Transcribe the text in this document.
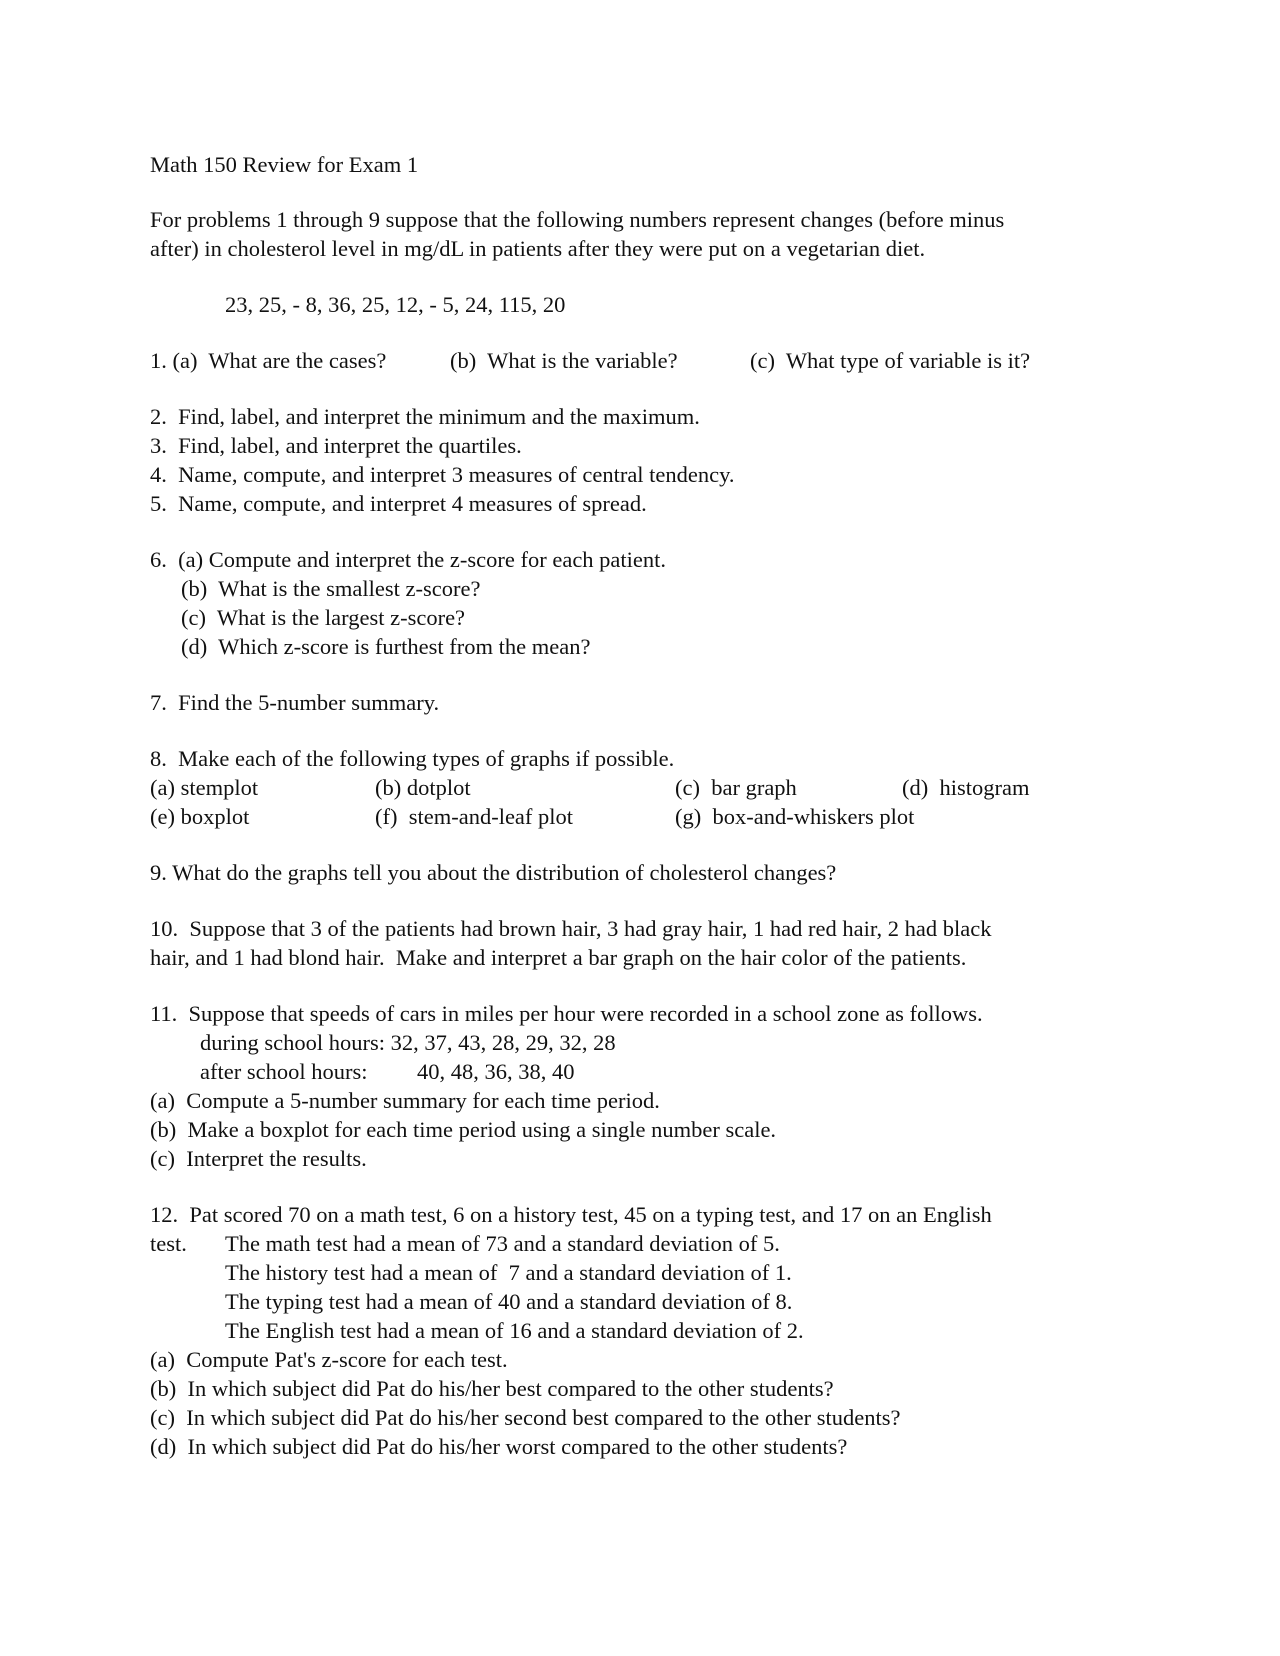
Math 150 Review for Exam 1
For problems 1 through 9 suppose that the following numbers represent changes (before minus
after) in cholesterol level in mg/dL in patients after they were put on a vegetarian diet.
23, 25, - 8, 36, 25, 12, - 5, 24, 115, 20

1. (a)  What are the cases?

	(b)  What is the variable?

	(c)  What type of variable is it?

2.  Find, label, and interpret the minimum and the maximum.
3.  Find, label, and interpret the quartiles.
4.  Name, compute, and interpret 3 measures of central tendency.
5.  Name, compute, and interpret 4 measures of spread.
6.  (a) Compute and interpret the z-score for each patient.
(b)  What is the smallest z-score?
(c)  What is the largest z-score?
(d)  Which z-score is furthest from the mean?
7.  Find the 5-number summary.
8.  Make each of the following types of graphs if possible.

(a) stemplot

	(b) dotplot

	(c)  bar graph

	(d)  histogram

(e) boxplot

	(f)  stem-and-leaf plot

	(g)  box-and-whiskers plot

9. What do the graphs tell you about the distribution of cholesterol changes?
10.  Suppose that 3 of the patients had brown hair, 3 had gray hair, 1 had red hair, 2 had black
hair, and 1 had blond hair.  Make and interpret a bar graph on the hair color of the patients.
11.  Suppose that speeds of cars in miles per hour were recorded in a school zone as follows.
during school hours: 32, 37, 43, 28, 29, 32, 28
after school hours: 40, 48, 36, 38, 40
(a)  Compute a 5-number summary for each time period.
(b)  Make a boxplot for each time period using a single number scale.
(c)  Interpret the results.
12.  Pat scored 70 on a math test, 6 on a history test, 45 on a typing test, and 17 on an English
test. The math test had a mean of 73 and a standard deviation of 5.
The history test had a mean of  7 and a standard deviation of 1.
The typing test had a mean of 40 and a standard deviation of 8.
The English test had a mean of 16 and a standard deviation of 2.
(a)  Compute Pat's z-score for each test.
(b)  In which subject did Pat do his/her best compared to the other students?
(c)  In which subject did Pat do his/her second best compared to the other students?
(d)  In which subject did Pat do his/her worst compared to the other students?
